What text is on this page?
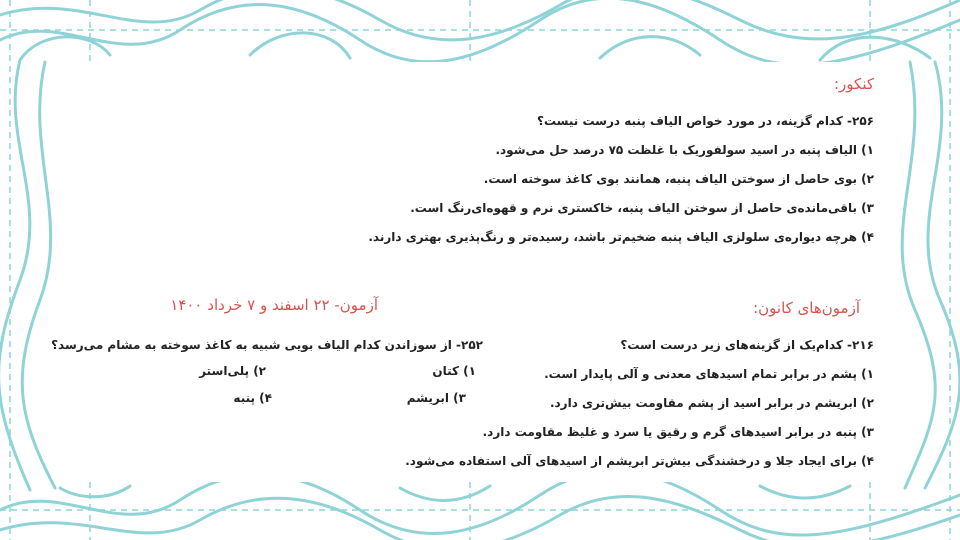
کنکور:
۲۵۶- کدام گزینه، در مورد خواص الیاف پنبه درست نیست؟
۱) الیاف پنبه در اسید سولفوریک با غلظت ۷۵ درصد حل می‌شود.
۲) بوی حاصل از سوختن الیاف پنبه، همانند بوی کاغذ سوخته است.
۳) باقی‌مانده‌ی حاصل از سوختن الیاف پنبه، خاکستری نرم و قهوه‌ای‌رنگ است.
۴) هرچه دیواره‌ی سلولزی الیاف پنبه ضخیم‌تر باشد، رسیده‌تر و رنگ‌پذیری بهتری دارند.
آزمون‌های کانون:
۲۱۶- کدام‌یک از گزینه‌های زیر درست است؟
۱) پشم در برابر تمام اسیدهای معدنی و آلی پایدار است.
۲) ابریشم در برابر اسید از پشم مقاومت بیش‌تری دارد.
۳) پنبه در برابر اسیدهای گرم و رقیق یا سرد و غلیظ مقاومت دارد.
۴) برای ایجاد جلا و درخشندگی بیش‌تر ابریشم از اسیدهای آلی استفاده می‌شود.
آزمون- ۲۲ اسفند و ۷ خرداد ۱۴۰۰
۲۵۲- از سوزاندن کدام الیاف بویی شبیه به کاغذ سوخته به مشام می‌رسد؟
۱) کتان
۲) پلی‌استر
۳) ابریشم
۴) پنبه
